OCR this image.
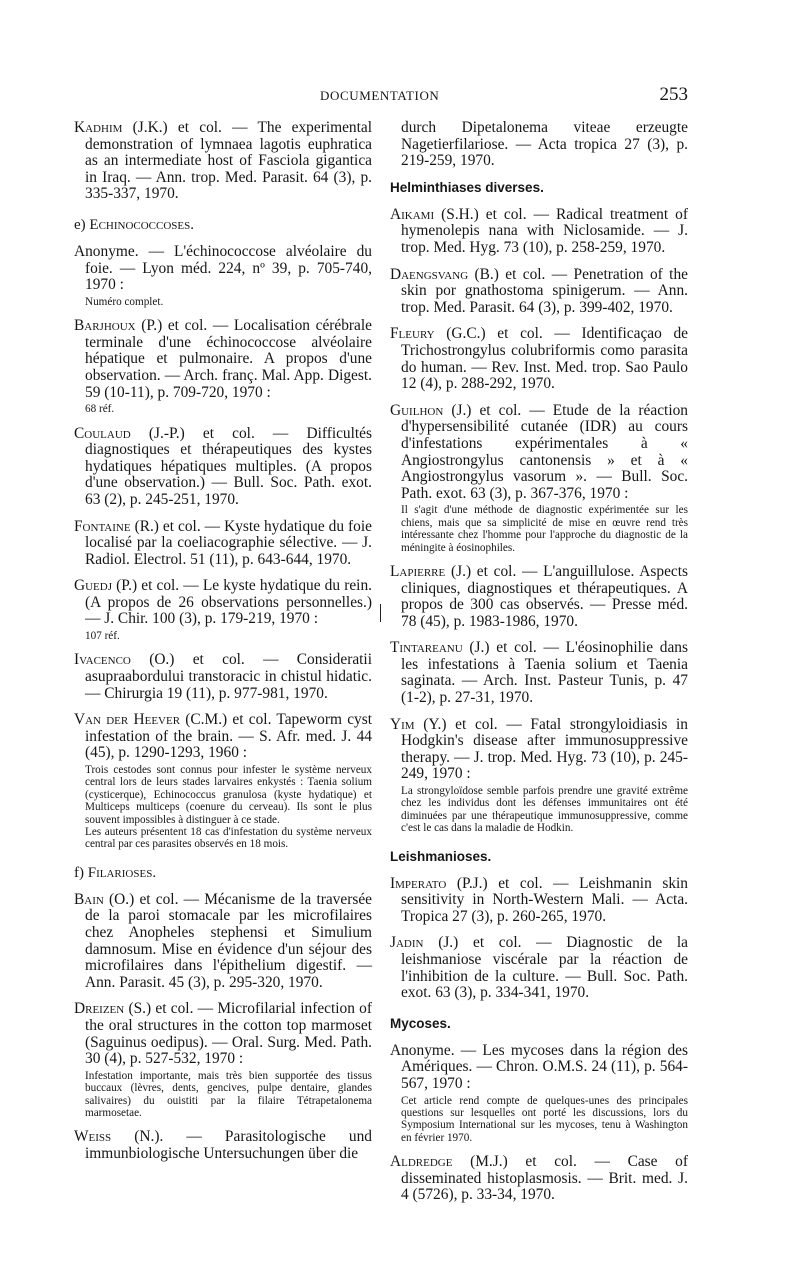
DOCUMENTATION	253

Kadhim (J.K.) et col. — The experimental demonstration of lymnaea lagotis euphratica as an intermediate host of Fasciola gigantica in Iraq. — Ann. trop. Med. Parasit. 64 (3), p. 335-337, 1970.

e) Echinococcoses.

Anonyme. — L'échinococcose alvéolaire du foie. — Lyon méd. 224, nº 39, p. 705-740, 1970 :

Numéro complet.

Barjhoux (P.) et col. — Localisation cérébrale terminale d'une échinococcose alvéolaire hépatique et pulmonaire. A propos d'une observation. — Arch. franç. Mal. App. Digest. 59 (10-11), p. 709-720, 1970 :

68 réf.

Coulaud (J.-P.) et col. — Difficultés diagnostiques et thérapeutiques des kystes hydatiques hépatiques multiples. (A propos d'une observation.) — Bull. Soc. Path. exot. 63 (2), p. 245-251, 1970.

Fontaine (R.) et col. — Kyste hydatique du foie localisé par la coeliacographie sélective. — J. Radiol. Electrol. 51 (11), p. 643-644, 1970.

Guedj (P.) et col. — Le kyste hydatique du rein. (A propos de 26 observations personnelles.) — J. Chir. 100 (3), p. 179-219, 1970 :

107 réf.

Ivacenco (O.) et col. — Consideratii asupraabordului transtoracic in chistul hidatic. — Chirurgia 19 (11), p. 977-981, 1970.

Van der Heever (C.M.) et col. Tapeworm cyst infestation of the brain. — S. Afr. med. J. 44 (45), p. 1290-1293, 1960 :

Trois cestodes sont connus pour infester le système nerveux central lors de leurs stades larvaires enkystés : Taenia solium (cysticerque), Echinococcus granulosa (kyste hydatique) et Multiceps multiceps (coenure du cerveau). Ils sont le plus souvent impossibles à distinguer à ce stade.

Les auteurs présentent 18 cas d'infestation du système nerveux central par ces parasites observés en 18 mois.

f) Filarioses.

Bain (O.) et col. — Mécanisme de la traversée de la paroi stomacale par les microfilaires chez Anopheles stephensi et Simulium damnosum. Mise en évidence d'un séjour des microfilaires dans l'épithelium digestif. — Ann. Parasit. 45 (3), p. 295-320, 1970.

Dreizen (S.) et col. — Microfilarial infection of the oral structures in the cotton top marmoset (Saguinus oedipus). — Oral. Surg. Med. Path. 30 (4), p. 527-532, 1970 :

Infestation importante, mais très bien supportée des tissus buccaux (lèvres, dents, gencives, pulpe dentaire, glandes salivaires) du ouistiti par la filaire Tétrapetalonema marmosetae.

Weiss (N.). — Parasitologische und immunbiologische Untersuchungen über die

durch Dipetalonema viteae erzeugte Nagetierfilariose. — Acta tropica 27 (3), p. 219-259, 1970.

Helminthiases diverses.

Aikami (S.H.) et col. — Radical treatment of hymenolepis nana with Niclosamide. — J. trop. Med. Hyg. 73 (10), p. 258-259, 1970.

Daengsvang (B.) et col. — Penetration of the skin por gnathostoma spinigerum. — Ann. trop. Med. Parasit. 64 (3), p. 399-402, 1970.

Fleury (G.C.) et col. — Identificaçao de Trichostrongylus colubriformis como parasita do human. — Rev. Inst. Med. trop. Sao Paulo 12 (4), p. 288-292, 1970.

Guilhon (J.) et col. — Etude de la réaction d'hypersensibilité cutanée (IDR) au cours d'infestations expérimentales à « Angiostrongylus cantonensis » et à « Angiostrongylus vasorum ». — Bull. Soc. Path. exot. 63 (3), p. 367-376, 1970 :

Il s'agit d'une méthode de diagnostic expérimentée sur les chiens, mais que sa simplicité de mise en œuvre rend très intéressante chez l'homme pour l'approche du diagnostic de la méningite à éosinophiles.

Lapierre (J.) et col. — L'anguillulose. Aspects cliniques, diagnostiques et thérapeutiques. A propos de 300 cas observés. — Presse méd. 78 (45), p. 1983-1986, 1970.

Tintareanu (J.) et col. — L'éosinophilie dans les infestations à Taenia solium et Taenia saginata. — Arch. Inst. Pasteur Tunis, p. 47 (1-2), p. 27-31, 1970.

Yim (Y.) et col. — Fatal strongyloidiasis in Hodgkin's disease after immunosuppressive therapy. — J. trop. Med. Hyg. 73 (10), p. 245-249, 1970 :

La strongyloïdose semble parfois prendre une gravité extrême chez les individus dont les défenses immunitaires ont été diminuées par une thérapeutique immunosuppressive, comme c'est le cas dans la maladie de Hodkin.

Leishmanioses.

Imperato (P.J.) et col. — Leishmanin skin sensitivity in North-Western Mali. — Acta. Tropica 27 (3), p. 260-265, 1970.

Jadin (J.) et col. — Diagnostic de la leishmaniose viscérale par la réaction de l'inhibition de la culture. — Bull. Soc. Path. exot. 63 (3), p. 334-341, 1970.

Mycoses.

Anonyme. — Les mycoses dans la région des Amériques. — Chron. O.M.S. 24 (11), p. 564-567, 1970 :

Cet article rend compte de quelques-unes des principales questions sur lesquelles ont porté les discussions, lors du Symposium International sur les mycoses, tenu à Washington en février 1970.

Aldredge (M.J.) et col. — Case of disseminated histoplasmosis. — Brit. med. J. 4 (5726), p. 33-34, 1970.
